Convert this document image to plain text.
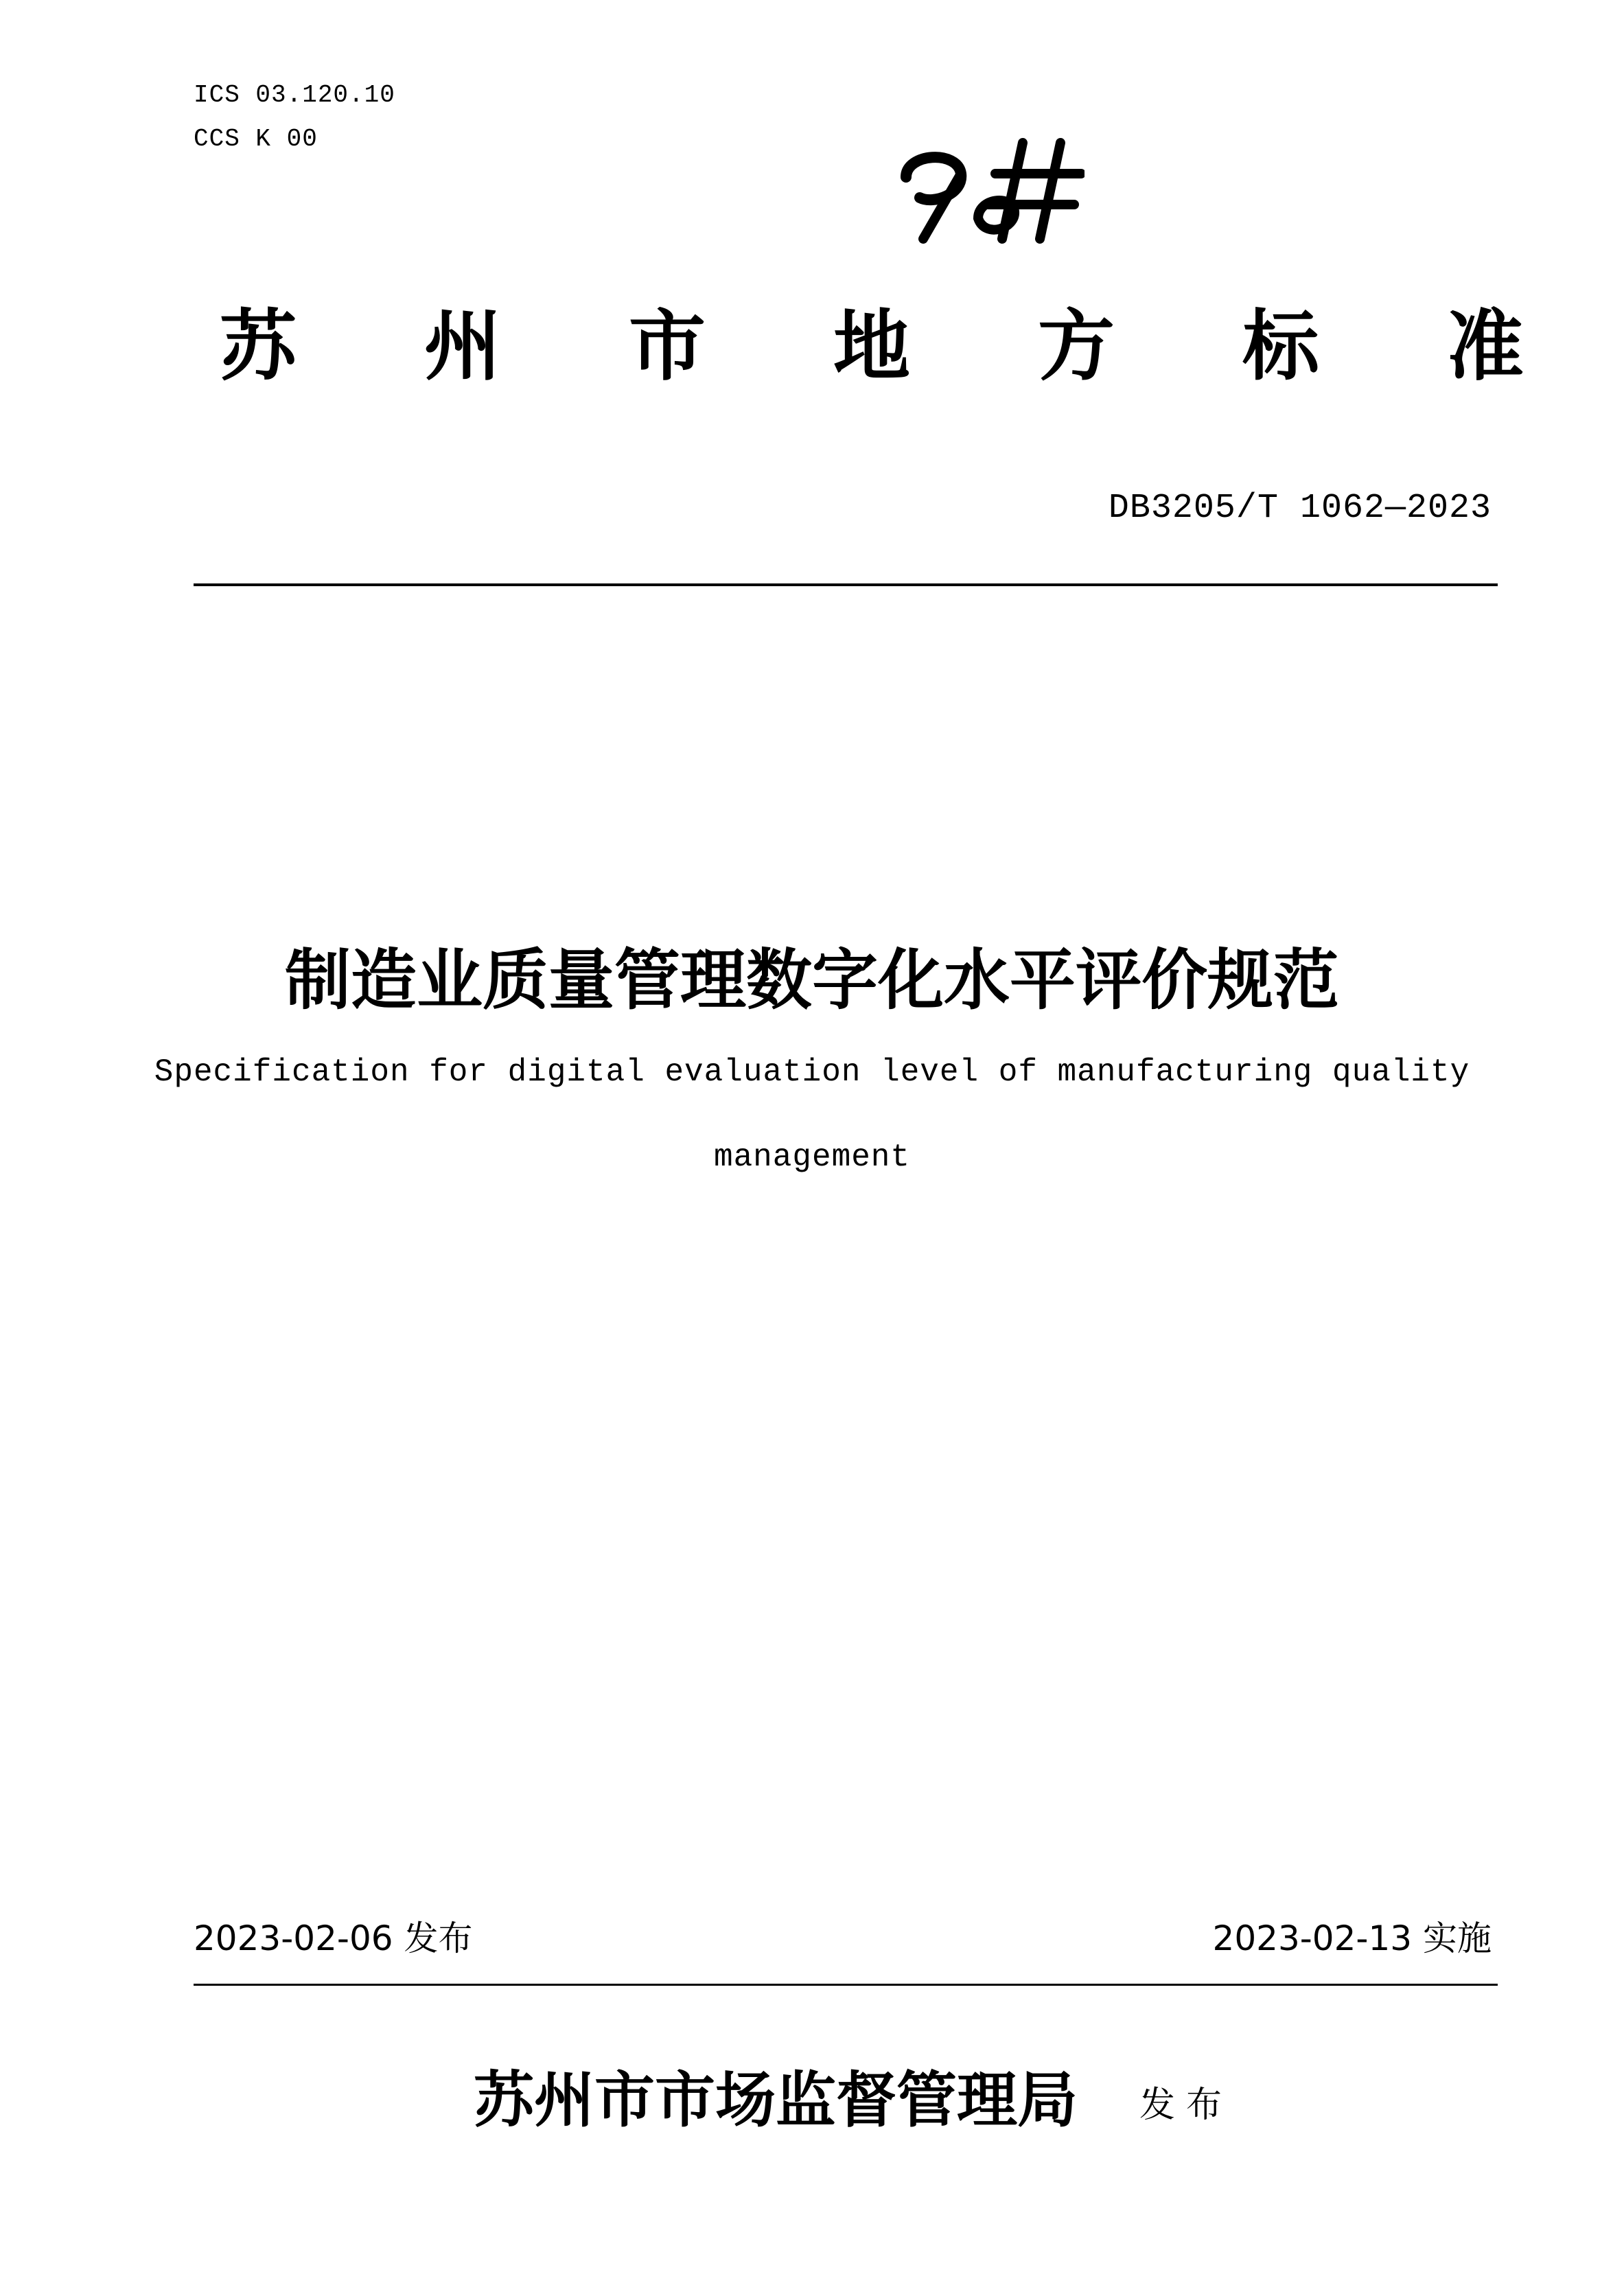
ICS 03.120.10
CCS K 00
苏 州 市 地 方 标 准
DB3205/T 1062—2023
制造业质量管理数字化水平评价规范
Specification for digital evaluation level of manufacturing quality
management
2023-02-06 发布	2023-02-13 实施
苏州市市场监督管理局 发布
